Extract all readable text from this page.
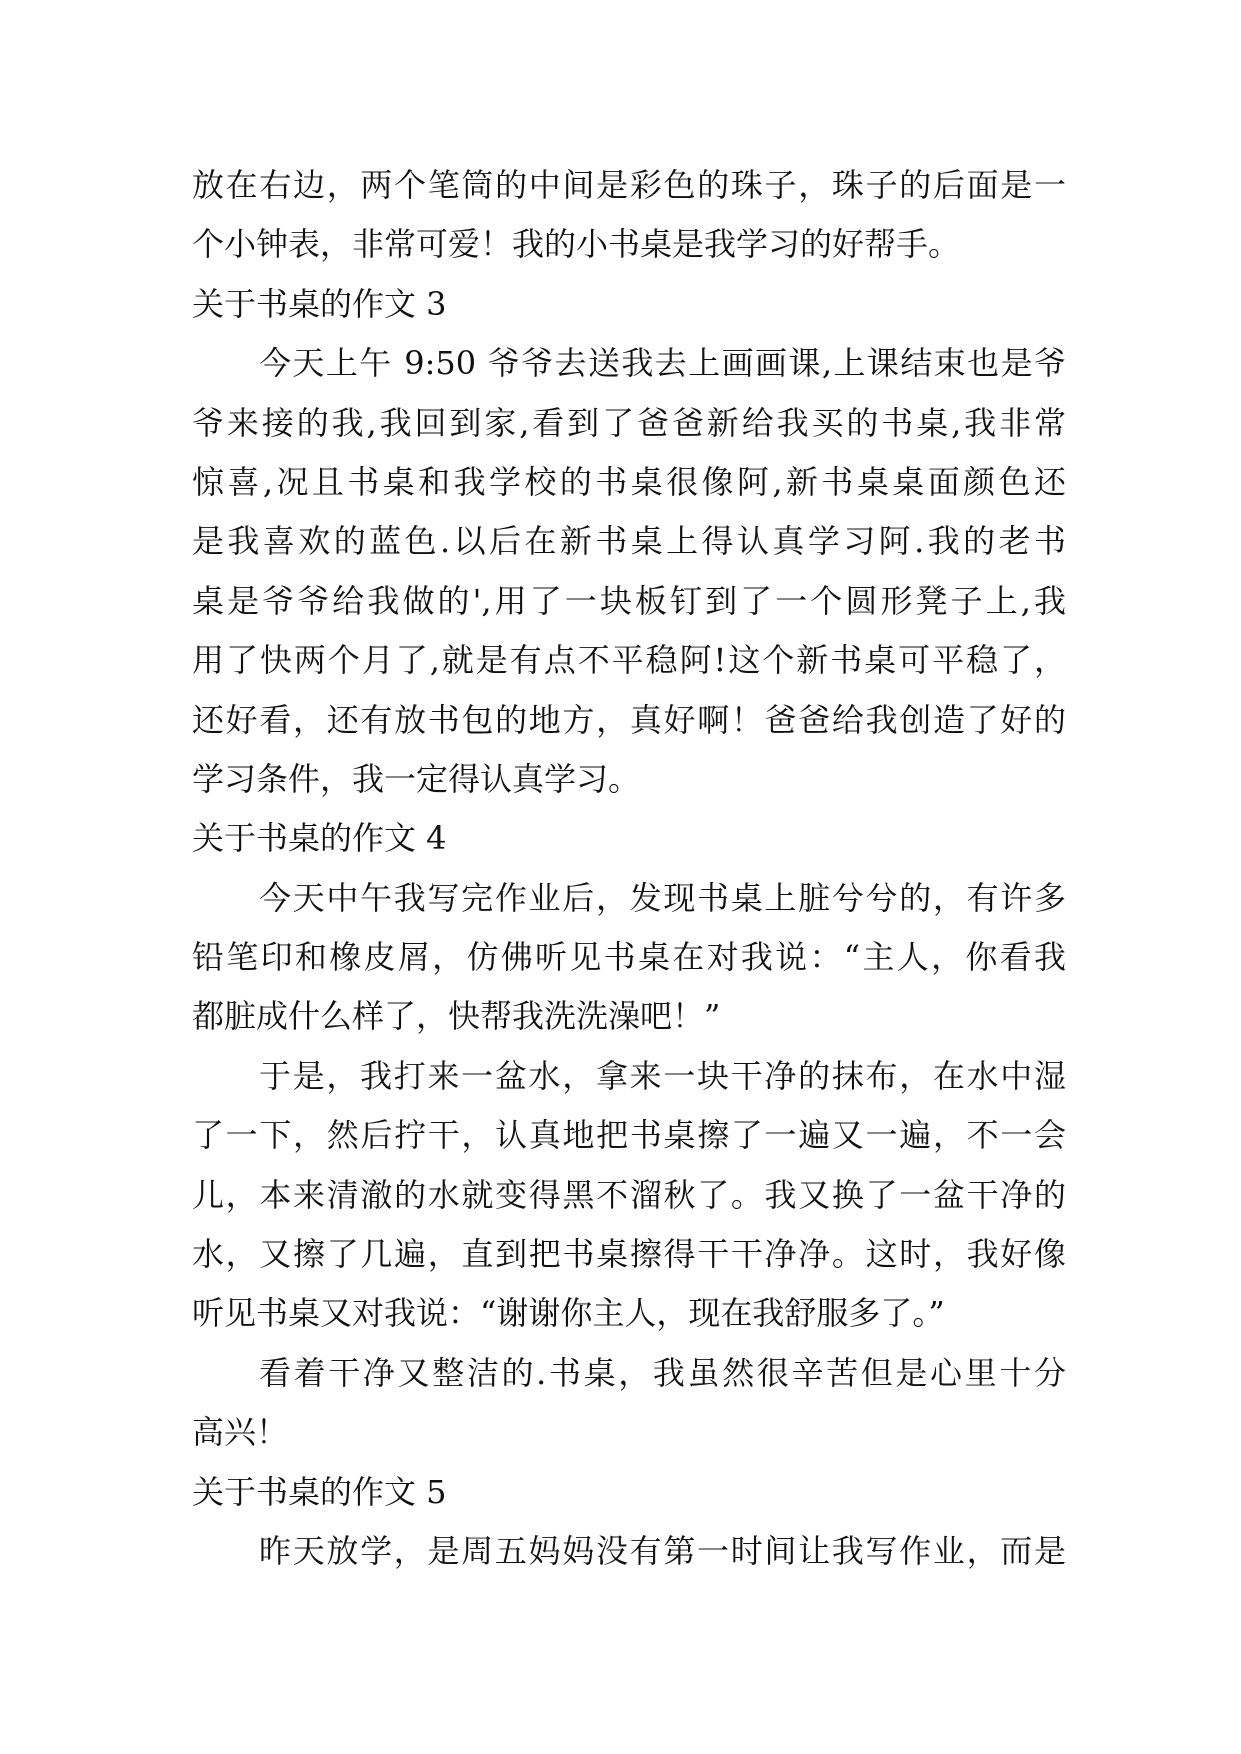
放在右边，两个笔筒的中间是彩色的珠子，珠子的后面是一
个小钟表，非常可爱！我的小书桌是我学习的好帮手。
关于书桌的作文 3
今天上午 9:50 爷爷去送我去上画画课,上课结束也是爷
爷来接的我,我回到家,看到了爸爸新给我买的书桌,我非常
惊喜,况且书桌和我学校的书桌很像阿,新书桌桌面颜色还
是我喜欢的蓝色.以后在新书桌上得认真学习阿.我的老书
桌是爷爷给我做的',用了一块板钉到了一个圆形凳子上,我
用了快两个月了,就是有点不平稳阿!这个新书桌可平稳了，
还好看，还有放书包的地方，真好啊！爸爸给我创造了好的
学习条件，我一定得认真学习。
关于书桌的作文 4
今天中午我写完作业后，发现书桌上脏兮兮的，有许多
铅笔印和橡皮屑，仿佛听见书桌在对我说：“主人，你看我
都脏成什么样了，快帮我洗洗澡吧！”
于是，我打来一盆水，拿来一块干净的抹布，在水中湿
了一下，然后拧干，认真地把书桌擦了一遍又一遍，不一会
儿，本来清澈的水就变得黑不溜秋了。我又换了一盆干净的
水，又擦了几遍，直到把书桌擦得干干净净。这时，我好像
听见书桌又对我说：“谢谢你主人，现在我舒服多了。”
看着干净又整洁的.书桌，我虽然很辛苦但是心里十分
高兴！
关于书桌的作文 5
昨天放学，是周五妈妈没有第一时间让我写作业，而是
